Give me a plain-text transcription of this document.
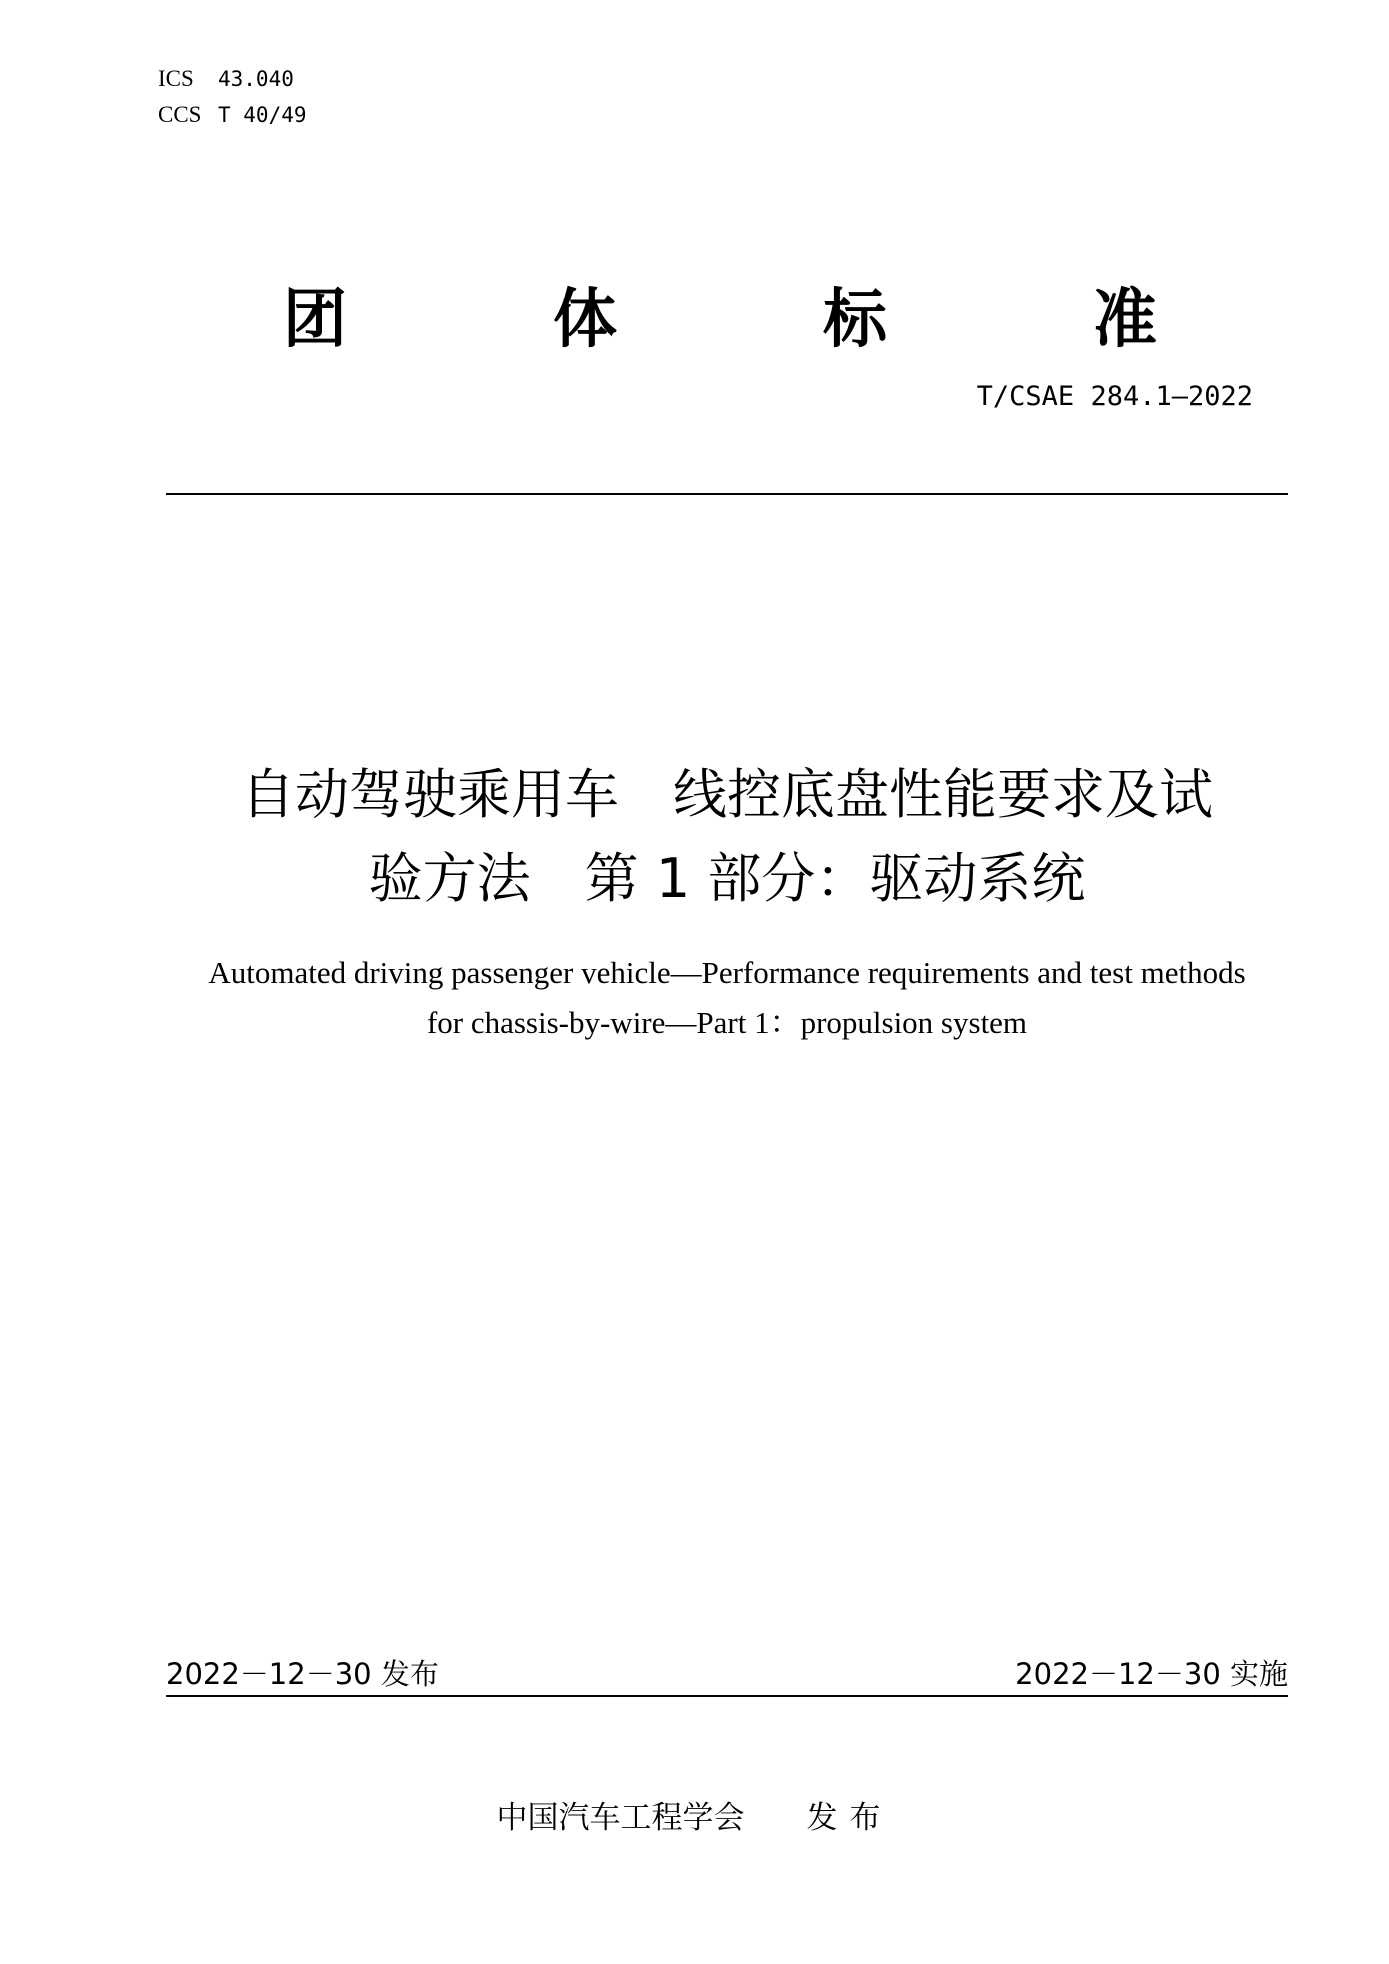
ICS 43.040
CCS T 40/49
团	体	标	准
T/CSAE 284.1—2022
自动驾驶乘用车　线控底盘性能要求及试
验方法　第 1 部分：驱动系统
Automated driving passenger vehicle—Performance requirements and test methods
for chassis-by-wire—Part 1：propulsion system
2022－12－30 发布	2022－12－30 实施
中国汽车工程学会 发布
